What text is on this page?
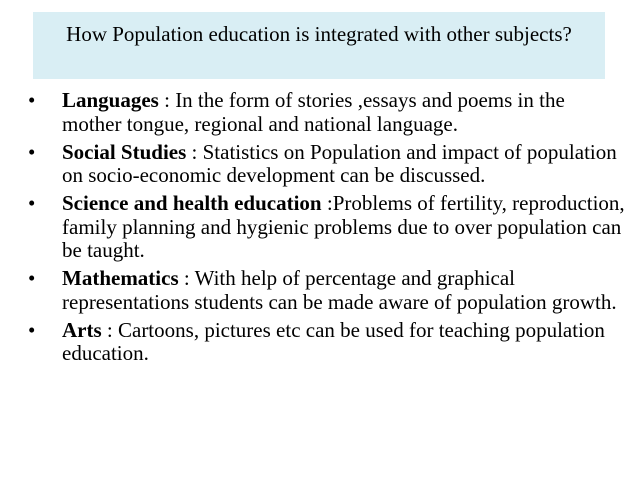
How Population education is integrated with other subjects?
•	Languages : In the form of stories ,essays and poems in the mother tongue, regional and national language.
•	Social Studies : Statistics on Population and impact of population on socio-economic development can be discussed.
•	Science and health education :Problems of fertility, reproduction, family planning and hygienic problems due to over population can be taught.
•	Mathematics : With help of percentage and graphical representations students can be made aware of population growth.
•	Arts : Cartoons, pictures etc can be used for teaching population education.
